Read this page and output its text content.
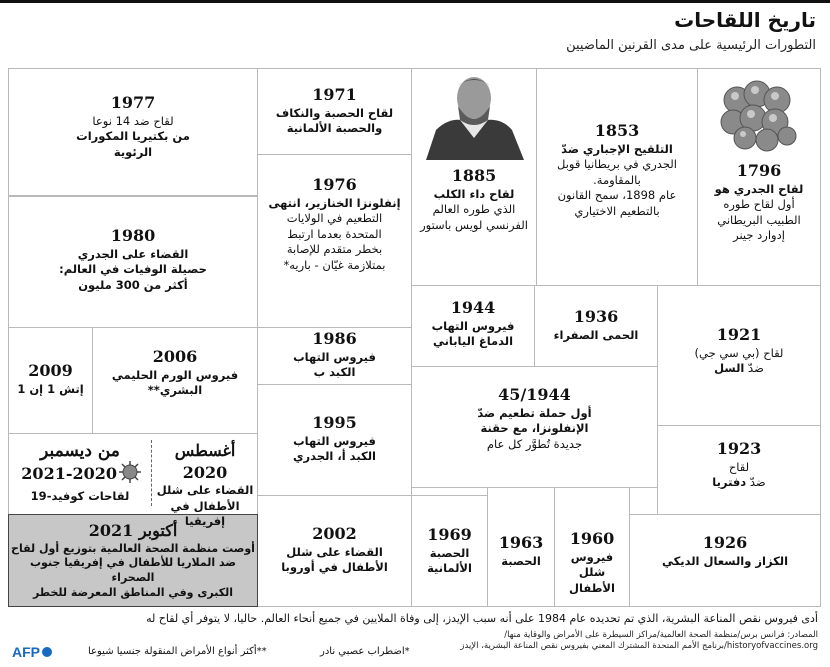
تاريخ اللقاحات
التطورات الرئيسية على مدى القرنين الماضيين
1796
لقاح الجدري هو
أول لقاح طوره
الطبيب البريطاني
إدوارد جينر
1853
التلقيح الإجباري ضدّ
الجدري في بريطانيا قوبل
بالمقاومة.
عام 1898، سمح القانون
بالتطعيم الاختياري
1885
لقاح داء الكلب
الذي طوره العالم
الفرنسي لويس باستور
1971
لقاح الحصبة والنكاف
والحصبة الألمانية
1977
لقاح ضد 14 نوعا
من بكتيريا المكورات
الرئوية
1976
إنفلونزا الخنازير، انتهى
التطعيم في الولايات
المتحدة بعدما ارتبط
بخطر متقدم للإصابة
بمتلازمة غيّان - باريه*
1980
القضاء على الجدري
حصيلة الوفيات في العالم:
أكثر من 300 مليون
1944
فيروس التهاب
الدماغ الياباني
1936
الحمى الصفراء	1921
لقاح (بي سي جي)
ضدّ السل
2009
إتش 1 إن 1
2006
فيروس الورم الحليمي
البشري**
1986
فيروس التهاب
الكبد ب
45/1944
أول حملة تطعيم ضدّ
الإنفلونزا، مع حقنة
جديدة تُطوَّر كل عام
1995
فيروس التهاب
الكبد أ، الجدري
أغسطس
2020
القضاء على شلل
الأطفال في إفريقيا
من ديسمبر
2021-2020
لقاحات كوفيد-19
1923
لقاح
ضدّ دفتريا
أكتوبر 2021
أوصت منظمة الصحة العالمية بتوزيع أول لقاح
ضد الملاريا للأطفال في إفريقيا جنوب الصحراء
الكبرى وفي المناطق المعرضة للخطر
2002
القضاء على شلل
الأطفال في أوروبا
1969
الحصبة
الألمانية
1963
الحصبة
1960
فيروس
شلل الأطفال
1926
الكزاز والسعال الديكي
أدى فيروس نقص المناعة البشرية، الذي تم تحديده عام 1984 على أنه سبب الإيدز، إلى وفاة الملايين في جميع أنحاء العالم. حاليا، لا يتوفر أي لقاح له
المصادر: فرانس برس/منظمة الصحة العالمية/مراكز السيطرة على الأمراض والوقاية منها/
historyofvaccines.org/برنامج الأمم المتحدة المشترك المعني بفيروس نقص المناعة البشرية، الإيدز
*اضطراب عصبي نادر
**أكثر أنواع الأمراض المنقولة جنسيا شيوعا
AFP
